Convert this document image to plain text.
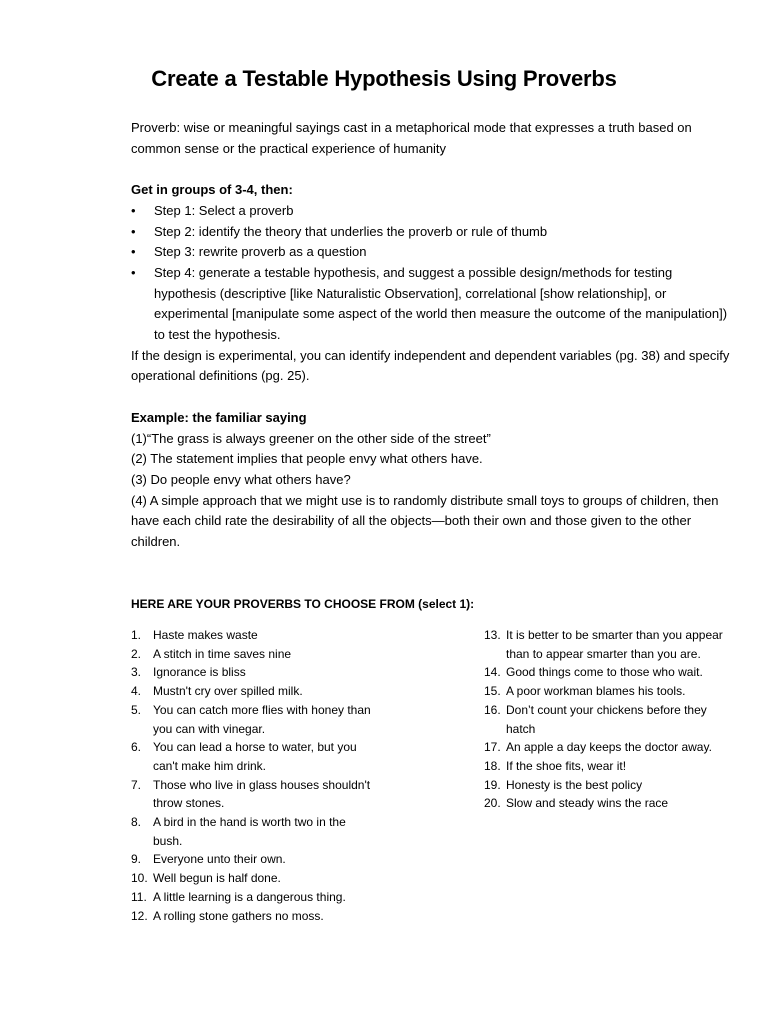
Create a Testable Hypothesis Using Proverbs

Proverb: wise or meaningful sayings cast in a metaphorical mode that expresses a truth based on common sense or the practical experience of humanity

Get in groups of 3-4, then:

• Step 1: Select a proverb
• Step 2: identify the theory that underlies the proverb or rule of thumb
• Step 3: rewrite proverb as a question
• Step 4: generate a testable hypothesis, and suggest a possible design/methods for testing hypothesis (descriptive [like Naturalistic Observation], correlational [show relationship], or experimental [manipulate some aspect of the world then measure the outcome of the manipulation]) to test the hypothesis.

If the design is experimental, you can identify independent and dependent variables (pg. 38) and specify operational definitions (pg. 25).

Example: the familiar saying

(1)“The grass is always greener on the other side of the street”

(2) The statement implies that people envy what others have.

(3) Do people envy what others have?

(4) A simple approach that we might use is to randomly distribute small toys to groups of children, then have each child rate the desirability of all the objects—both their own and those given to the other children.

HERE ARE YOUR PROVERBS TO CHOOSE FROM (select 1):

1. Haste makes waste
2. A stitch in time saves nine
3. Ignorance is bliss
4. Mustn't cry over spilled milk.
5. You can catch more flies with honey than you can with vinegar.
6. You can lead a horse to water, but you can't make him drink.
7. Those who live in glass houses shouldn't throw stones.
8. A bird in the hand is worth two in the bush.
9. Everyone unto their own.
10. Well begun is half done.
11. A little learning is a dangerous thing.
12. A rolling stone gathers no moss.
13. It is better to be smarter than you appear than to appear smarter than you are.
14. Good things come to those who wait.
15. A poor workman blames his tools.
16. Don’t count your chickens before they hatch
17. An apple a day keeps the doctor away.
18. If the shoe fits, wear it!
19. Honesty is the best policy
20. Slow and steady wins the race
